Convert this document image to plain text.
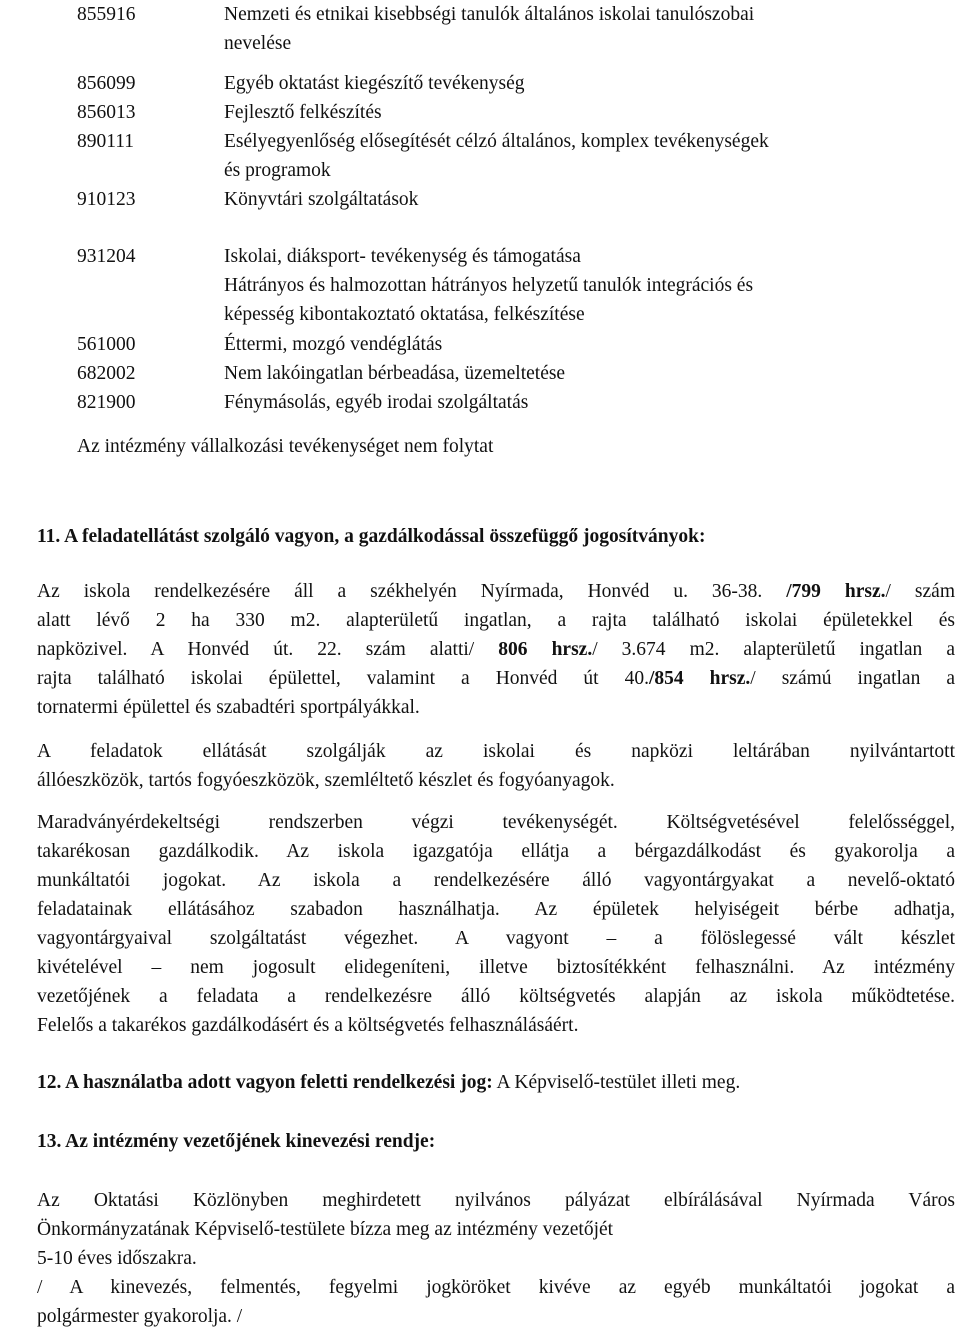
855916	Nemzeti és etnikai kisebbségi tanulók általános iskolai tanulószobai
nevelése
856099	Egyéb oktatást kiegészítő tevékenység
856013	Fejlesztő felkészítés
890111	Esélyegyenlőség elősegítését célzó általános, komplex tevékenységek
és programok
910123	Könyvtári szolgáltatások
931204	Iskolai, diáksport- tevékenység és támogatása
Hátrányos és halmozottan hátrányos helyzetű tanulók integrációs és
képesség kibontakoztató oktatása, felkészítése
561000	Éttermi, mozgó vendéglátás
682002	Nem lakóingatlan bérbeadása, üzemeltetése
821900	Fénymásolás, egyéb irodai szolgáltatás
Az intézmény vállalkozási tevékenységet nem folytat
11. A feladatellátást szolgáló vagyon, a gazdálkodással összefüggő jogosítványok:
Az iskola rendelkezésére áll a székhelyén Nyírmada, Honvéd u. 36-38. /799 hrsz./ szám
alatt lévő 2 ha 330 m2. alapterületű ingatlan, a rajta található iskolai épületekkel és
napközivel. A Honvéd út. 22. szám alatti/ 806 hrsz./ 3.674 m2. alapterületű ingatlan a
rajta található iskolai épülettel, valamint a Honvéd út 40./854 hrsz./ számú ingatlan a
tornatermi épülettel és szabadtéri sportpályákkal.
A feladatok ellátását szolgálják az iskolai és napközi leltárában nyilvántartott
állóeszközök, tartós fogyóeszközök, szemléltető készlet és fogyóanyagok.
Maradványérdekeltségi rendszerben végzi tevékenységét. Költségvetésével felelősséggel,
takarékosan gazdálkodik. Az iskola igazgatója ellátja a bérgazdálkodást és gyakorolja a
munkáltatói jogokat. Az iskola a rendelkezésére álló vagyontárgyakat a nevelő-oktató
feladatainak ellátásához szabadon használhatja. Az épületek helyiségeit bérbe adhatja,
vagyontárgyaival szolgáltatást végezhet. A vagyont – a fölöslegessé vált készlet
kivételével – nem jogosult elidegeníteni, illetve biztosítékként felhasználni. Az intézmény
vezetőjének a feladata a rendelkezésre álló költségvetés alapján az iskola működtetése.
Felelős a takarékos gazdálkodásért és a költségvetés felhasználásáért.
12. A használatba adott vagyon feletti rendelkezési jog: A Képviselő-testület illeti meg.
13. Az intézmény vezetőjének kinevezési rendje:
Az Oktatási Közlönyben meghirdetett nyilvános pályázat elbírálásával Nyírmada Város
Önkormányzatának Képviselő-testülete bízza meg az intézmény vezetőjét
5-10 éves időszakra.
/ A kinevezés, felmentés, fegyelmi jogköröket kivéve az egyéb munkáltatói jogokat a
polgármester gyakorolja. /
